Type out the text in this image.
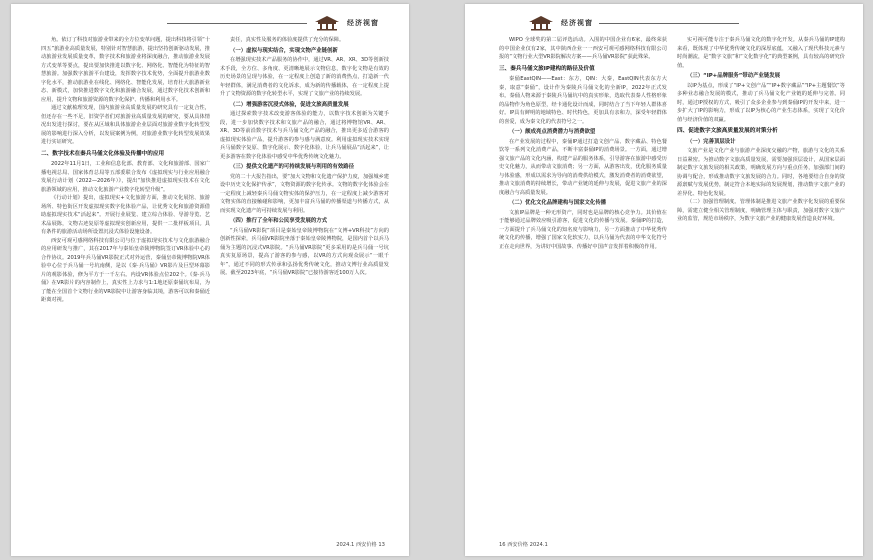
经济视窗

角。依订了科技对旅游业带来的全方位变革问题，提出科技将引领“十四五”旅游业高质量发展，特别针对智慧旅游，提出坚持创新驱动发展，推动旅游业发展质量变革，数字技术和旅游业将深度融合，推动旅游业发展方式变革等要点，提出要加快推进以数字化、网络化、智能化为特征的智慧旅游。加强数字旅游平台建设，发挥数字技术优势，全面提升旅游业数字化水平，推动旅游业在线化、网络化、智能化发展，培育壮大旅游新业态、新模式，加快推进数字文化和旅游融合发展，通过数字化技术创新和应用，提升文物和旅游资源的数字化保护、传播和利用水平。

通过文献梳理发现，国内旅游业高质量发展的研究具有一定复合性，但还存在一些不足，旧资学者们对旅游业高质量发展的研究，要从具体情况出发进行探讨，要在从区域和具体旅游企业层面对旅游业数字化转型发展的影响进行深入分析，以发展案例为例，对旅游业数字化转型发展效果进行实证研究。

二、数字技术在秦兵马俑文化体验及传播中的应用

2022年11月1日，工业和信息化部、教育部、文化和旅游部、国家广播电视总局、国家体育总局等五部委联合发布《虚拟现实与行业应用融合发展行动计划（2022—2026年）》，提出“加快推进虚拟现实技术在文化旅游领域的应用，推动文化旅游产业数字化转型升级”。

《行动计划》提出，虚拟现实+文化旅游方面，推动文化展馆、旅游场所、特色街区开发虚拟现实数字化体验产品，让优秀文化和旅游资源借助虚拟现实技术“活起来”。开展行业展览、建立综合体验、导游导览、艺术品展陈，文物古迹复原等虚拟现实创新应用，提供一二批样板项目。具有条件的旅游活动场所设置沉浸式体验设施设备。

西安可观可感网络科技有限公司与位于虚拟现实技术与文化旅游融合的应用研发与推广，其在2017年与秦始皇帝陵博物院签订VR体验中心的合作协议。2019年兵马俑VR影院正式对外运营，秦俑皇帝陵博物院VR体验中心位于兵马俑一号坑南侧，是以《秦·兵马俑》VR影片及巨型环幕影片的观影体验，修为平方于一千左右。内设VR体验点位202个。《秦·兵马俑》在VR影片的内容制作上，真实性上力求与1:1地还原秦俑坑布局，为了能在全国首个文物行业的VR影院中让游客身临其境，游客可以和秦俑近距离对视。

责任，真实性及服务的体验度提供了充分的保障。

（一）虚拟与现实结合，实现文物产业链创新

在增强现实技术产品服务的协作中，通过VR、AR、XR、3D等创新技术手段，全方位、多角度、更清晰地展示文物信息，数字化文物是有效的历史场景的呈现与体验，在一定程度上创造了新的消费热点，打造新一代年轻群体，满足消费者的文化诉求，成为新的传播载体，在一定程度上提升了文物资源的数字化转型水平，实现了文旅产业的持续发展。

（二）增强游客沉浸式体验，促进文旅高质量发展

通过探索数字技术改变游客体验的能力，以数字技术创新为关键手段，进一步加快数字技术和文旅产品的融合，通过将博物馆VR、AR、XR、3D等前沿数字技术与兵马俑文化产品的融合，推出更多适合游客的虚拟现实体验产品，提升游客的参与感与满意度。利用虚拟现实技术实现兵马俑数字复原、数字化展示、数字化体验，让兵马俑展品“活起来”，让更多游客在数字化体验中感受中华优秀传统文化魅力。

（三）提供文化遗产的可持续发展与利用的有效路径

党的二十大报告指出，要“加大文物和文化遗产保护力度，加强城乡建设中历史文化保护传承”，文物资源的数字化传承。文物的数字化体验会在一定程度上减轻秦兵马俑文物实体的保护压力，在一定程度上减少游客对文物实体的直接触碰和影响，更加丰富兵马俑的传播渠道与传播方式，从而实现文化遗产的可持续发展与利用。

（四）推行了全年和公民享受发展的方式

“兵马俑VR影院”项目是秦始皇帝陵博物院在“文博+VR科技”方向的创新性探索，兵马俑VR影院坐落于秦始皇帝陵博物院，是国内首个以兵马俑为主题的沉浸式VR影院。“兵马俑VR影院”更多采用的是兵马俑一号坑真实复原场景，提高了游客的参与感，以VR的方式向观众展示“一眼千年”，通过不同的形式传承和弘扬优秀传统文化，推动文博行业高质量发展。截至2023年底，“兵马俑VR影院”已接待游客近100万人次。

2024.1 西安价格 13
经济视窗

WIPO 全球奖的第二届评选活动。入围的中国企业有6家，最终荣获的中国企业仅有2家，其中陕西企业一一西安可观可感网络科技有限公司报的“文物行业大型VR影院解决方案——兵马俑VR影院”获此殊荣。

三、秦兵马俑文旅IP建构的路径及价值

秦俑EastQIN——East：东方，QIN：大秦，EastQIN代表东方大秦，取意“秦俑”，设计作为秦陵兵马俑文化的全新IP，2022年正式发布。秦俑人物来源于秦陵兵马俑坑中的真实形象，选取代表秦人性格形象的品物作为角色原型，经卡通化设计而成，同时结合了当下年轻人群体喜好。IP具有鲜明的地域特色、时代特色，更加具有亲和力，深受年轻群体的喜爱，成为秦文化的代表符号之一。

（一）颇成亮点消费潜力与消费欲望

在产业发展的过程中，秦俑IP通过打造文创产品、数字藏品、特色餐饮等一系列文化消费产品，不断丰富秦俑IP的消费场景。一方面，通过增强文旅产品的文化内涵，构建产品的服务体系，引导游客在旅游中感受历史文化魅力，从而带动文旅消费；另一方面，从游客出发，优化服务质量与体验感，形成以需求为导向的消费供给模式，激发消费者的消费欲望，推动文旅消费的持续增长，带动产业链的延伸与发展，促进文旅产业的深度融合与高质量发展。

（二）优化文化品牌建构与国家文化传播

文旅IP品牌是一种无形资产，同时也是品牌的核心竞争力。其价值在于能够通过品牌效应吸引游客，促进文化的传播与发展。秦俑IP的打造，一方面提升了兵马俑文化的知名度与影响力，另一方面推动了中华优秀传统文化的传播，增强了国家文化软实力，以兵马俑为代表的中华文化符号正在走向世界，为讲好中国故事、传播好中国声音发挥着积极的作用。

实可视可能专注于秦兵马俑文化的数字化开发。从秦兵马俑的IP建构来看，既体现了中华优秀传统文化的深厚底蕴，又融入了现代科技元素与时尚潮流，是“数字文旅”和“文化数字化”的典型案例，具有较高的研究价值。

（三）“IP+品牌服务”带动产业链发展

以IP为基点，形成了“IP+文创产品”“IP+数字藏品”“IP+主题餐饮”等多种业态融合发展的模式，推动了兵马俑文化产业链的延伸与完善。同时，通过IP授权的方式，吸引了众多企业参与到秦俑IP的开发中来，进一步扩大了IP的影响力，形成了以IP为核心的产业生态体系，实现了文化价值与经济价值的双赢。

四、促进数字文旅高质量发展的对策分析
（一）完善顶层设计

文旅产业是文化产业与旅游产业深度交融的产物，旅游与文化的关系日益紧密。为推动数字文旅高质量发展，需要加强顶层设计，从国家层面制定数字文旅发展的相关政策，明确发展方向与重点任务，加强部门间的协调与配合，形成推动数字文旅发展的合力。同时，各地要结合自身的资源禀赋与发展优势，制定符合本地实际的发展规划，推动数字文旅产业的差异化、特色化发展。

（二）加强管理制度。管理体制是推进文旅产业数字化发展的重要保障，需建立健全相关管理制度，明确管理主体与职责，加强对数字文旅产业的监管，规范市场秩序，为数字文旅产业的健康发展营造良好环境。

16 西安价格 2024.1
